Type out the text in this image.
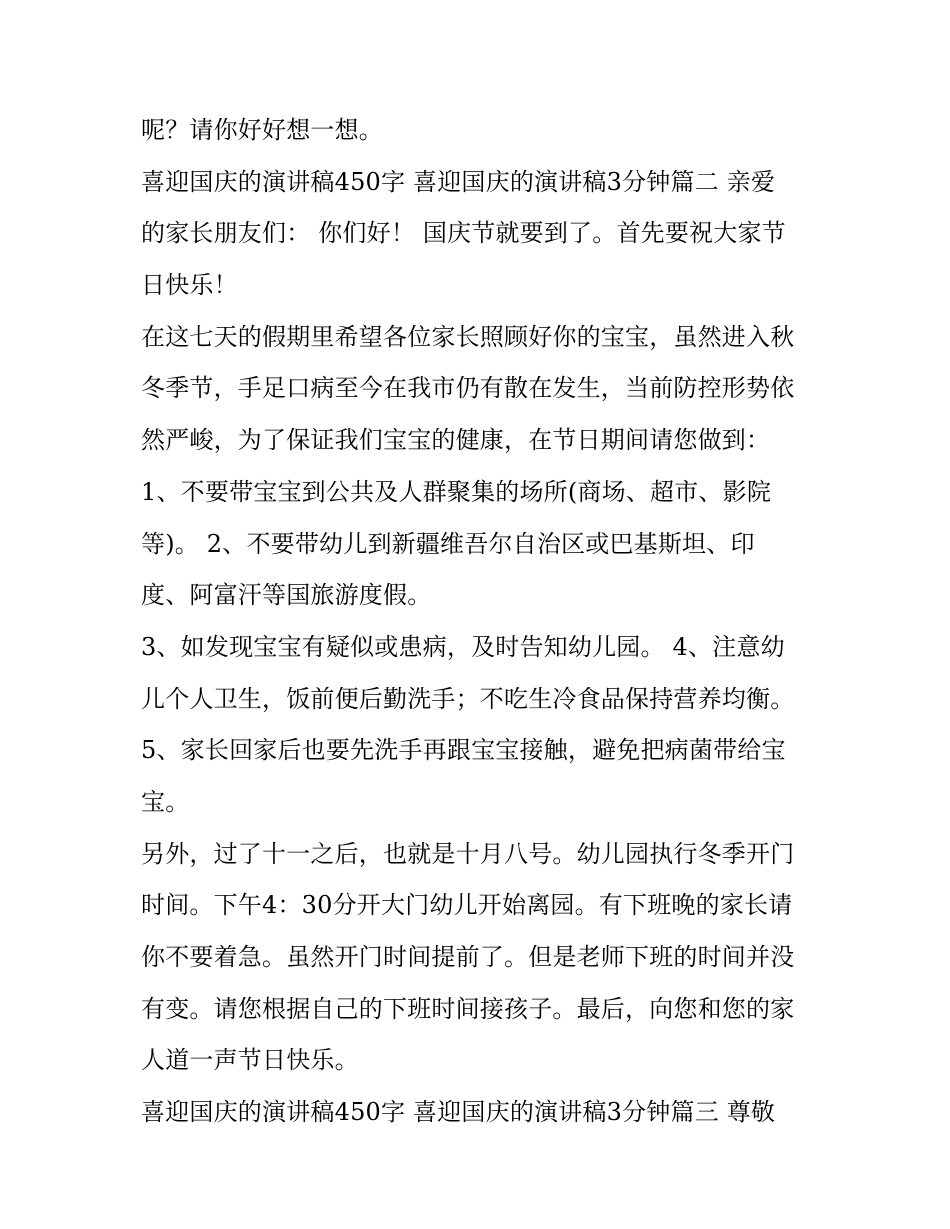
呢？请你好好想一想。
喜迎国庆的演讲稿450字 喜迎国庆的演讲稿3分钟篇二 亲爱
的家长朋友们： 你们好！ 国庆节就要到了。首先要祝大家节
日快乐！
在这七天的假期里希望各位家长照顾好你的宝宝，虽然进入秋
冬季节，手足口病至今在我市仍有散在发生，当前防控形势依
然严峻，为了保证我们宝宝的健康，在节日期间请您做到：
1、不要带宝宝到公共及人群聚集的场所(商场、超市、影院
等)。 2、不要带幼儿到新疆维吾尔自治区或巴基斯坦、印
度、阿富汗等国旅游度假。
3、如发现宝宝有疑似或患病，及时告知幼儿园。 4、注意幼
儿个人卫生，饭前便后勤洗手；不吃生冷食品保持营养均衡。
5、家长回家后也要先洗手再跟宝宝接触，避免把病菌带给宝
宝。
另外，过了十一之后，也就是十月八号。幼儿园执行冬季开门
时间。下午4：30分开大门幼儿开始离园。有下班晚的家长请
你不要着急。虽然开门时间提前了。但是老师下班的时间并没
有变。请您根据自己的下班时间接孩子。最后，向您和您的家
人道一声节日快乐。
喜迎国庆的演讲稿450字 喜迎国庆的演讲稿3分钟篇三 尊敬
